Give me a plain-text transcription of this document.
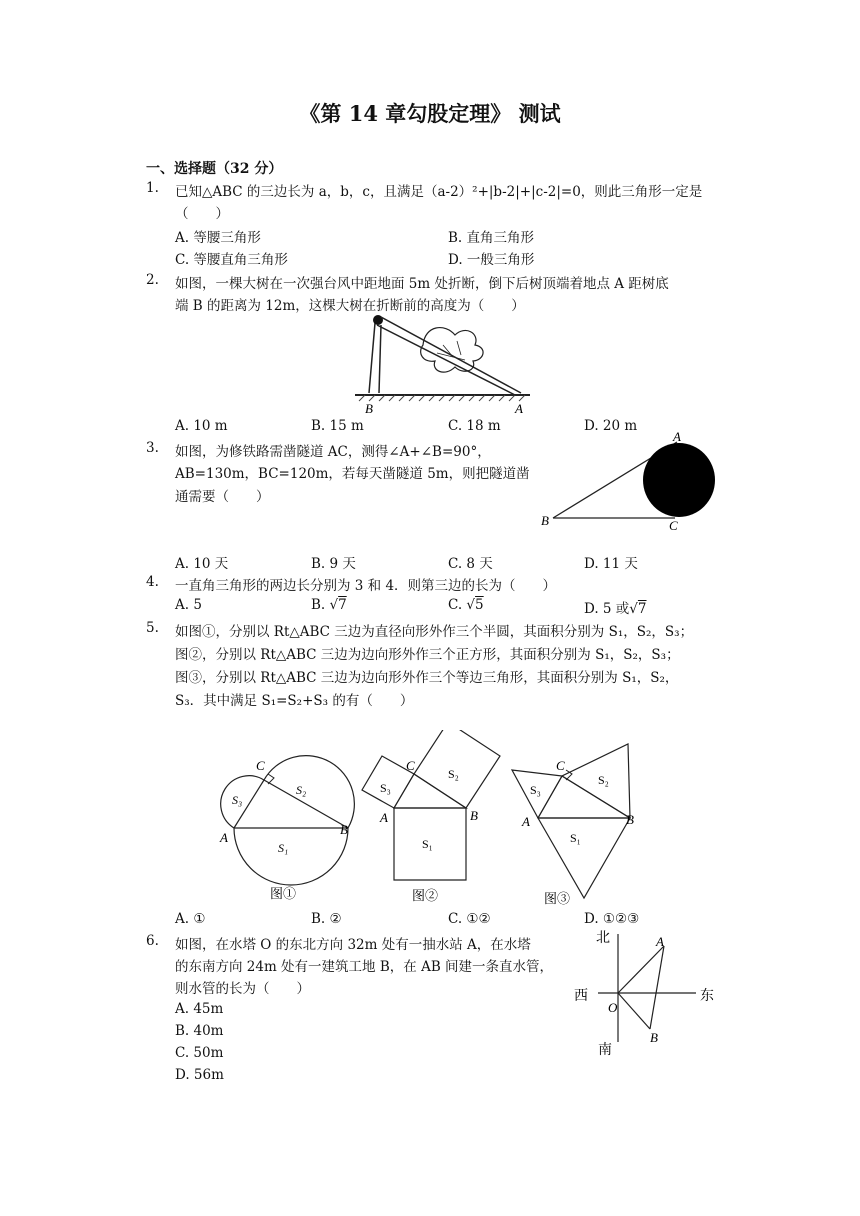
《第 14 章勾股定理》 测试
一、选择题（32 分）
1. 已知△ABC 的三边长为 a，b，c，且满足（a-2）²+|b-2|+|c-2|=0，则此三角形一定是
（　　）
A. 等腰三角形	B. 直角三角形
C. 等腰直角三角形	D. 一般三角形
2. 如图，一棵大树在一次强台风中距地面 5m 处折断，倒下后树顶端着地点 A 距树底
端 B 的距离为 12m，这棵大树在折断前的高度为（　　）
B	A
A. 10 m	B. 15 m	C. 18 m	D. 20 m
3. 如图，为修铁路需凿隧道 AC，测得∠A+∠B=90°，
AB=130m，BC=120m，若每天凿隧道 5m，则把隧道凿
通需要（　　）
A
B	C
A. 10 天	B. 9 天	C. 8 天	D. 11 天
4. 一直角三角形的两边长分别为 3 和 4．则第三边的长为（　　）
A. 5	B. √7	C. √5	D. 5 或√7
5. 如图①，分别以 Rt△ABC 三边为直径向形外作三个半圆，其面积分别为 S₁，S₂，S₃；
图②，分别以 Rt△ABC 三边为边向形外作三个正方形，其面积分别为 S₁，S₂，S₃；
图③，分别以 Rt△ABC 三边为边向形外作三个等边三角形，其面积分别为 S₁，S₂，
S₃．其中满足 S₁=S₂+S₃ 的有（　　）
C
A
B
S₃
S₂
S₁
图①
C
A	B
S₃
S₂
S₁
图②
C
A	B
S₃
S₂
S₁
图③
A. ①	B. ②	C. ①②	D. ①②③
6. 如图，在水塔 O 的东北方向 32m 处有一抽水站 A，在水塔
的东南方向 24m 处有一建筑工地 B，在 AB 间建一条直水管，
则水管的长为（　　）
A. 45m
B. 40m
C. 50m
D. 56m
北
南
西	东
O
A
B
